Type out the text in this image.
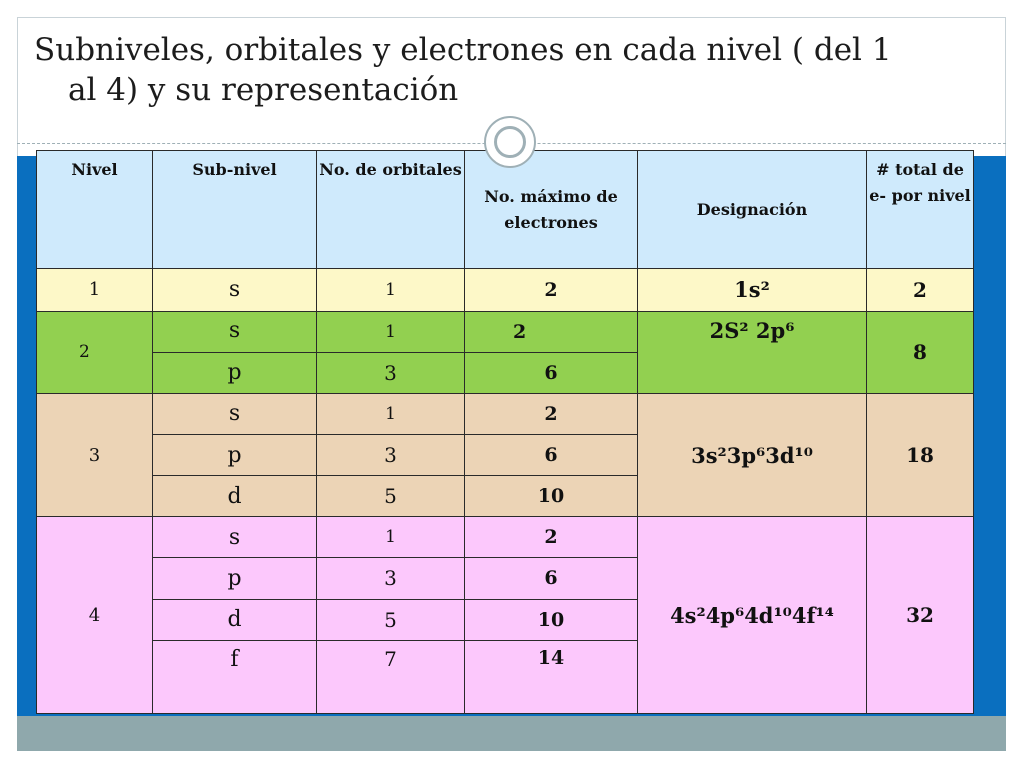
Subniveles, orbitales y electrones en cada nivel ( del 1
al 4) y su representación
Nivel	Sub-nivel	No. de orbitales	No. máximo de electrones	Designación	# total de e- por nivel
1	s	1	2	1s²	2
2	s	1	2	2S² 2p⁶	8
	p	3	6		
3	s	1	2	3s²3p⁶3d¹⁰	18
	p	3	6		
	d	5	10		
4	s	1	2	4s²4p⁶4d¹⁰4f¹⁴	32
	p	3	6		
	d	5	10		
	f	7	14		
